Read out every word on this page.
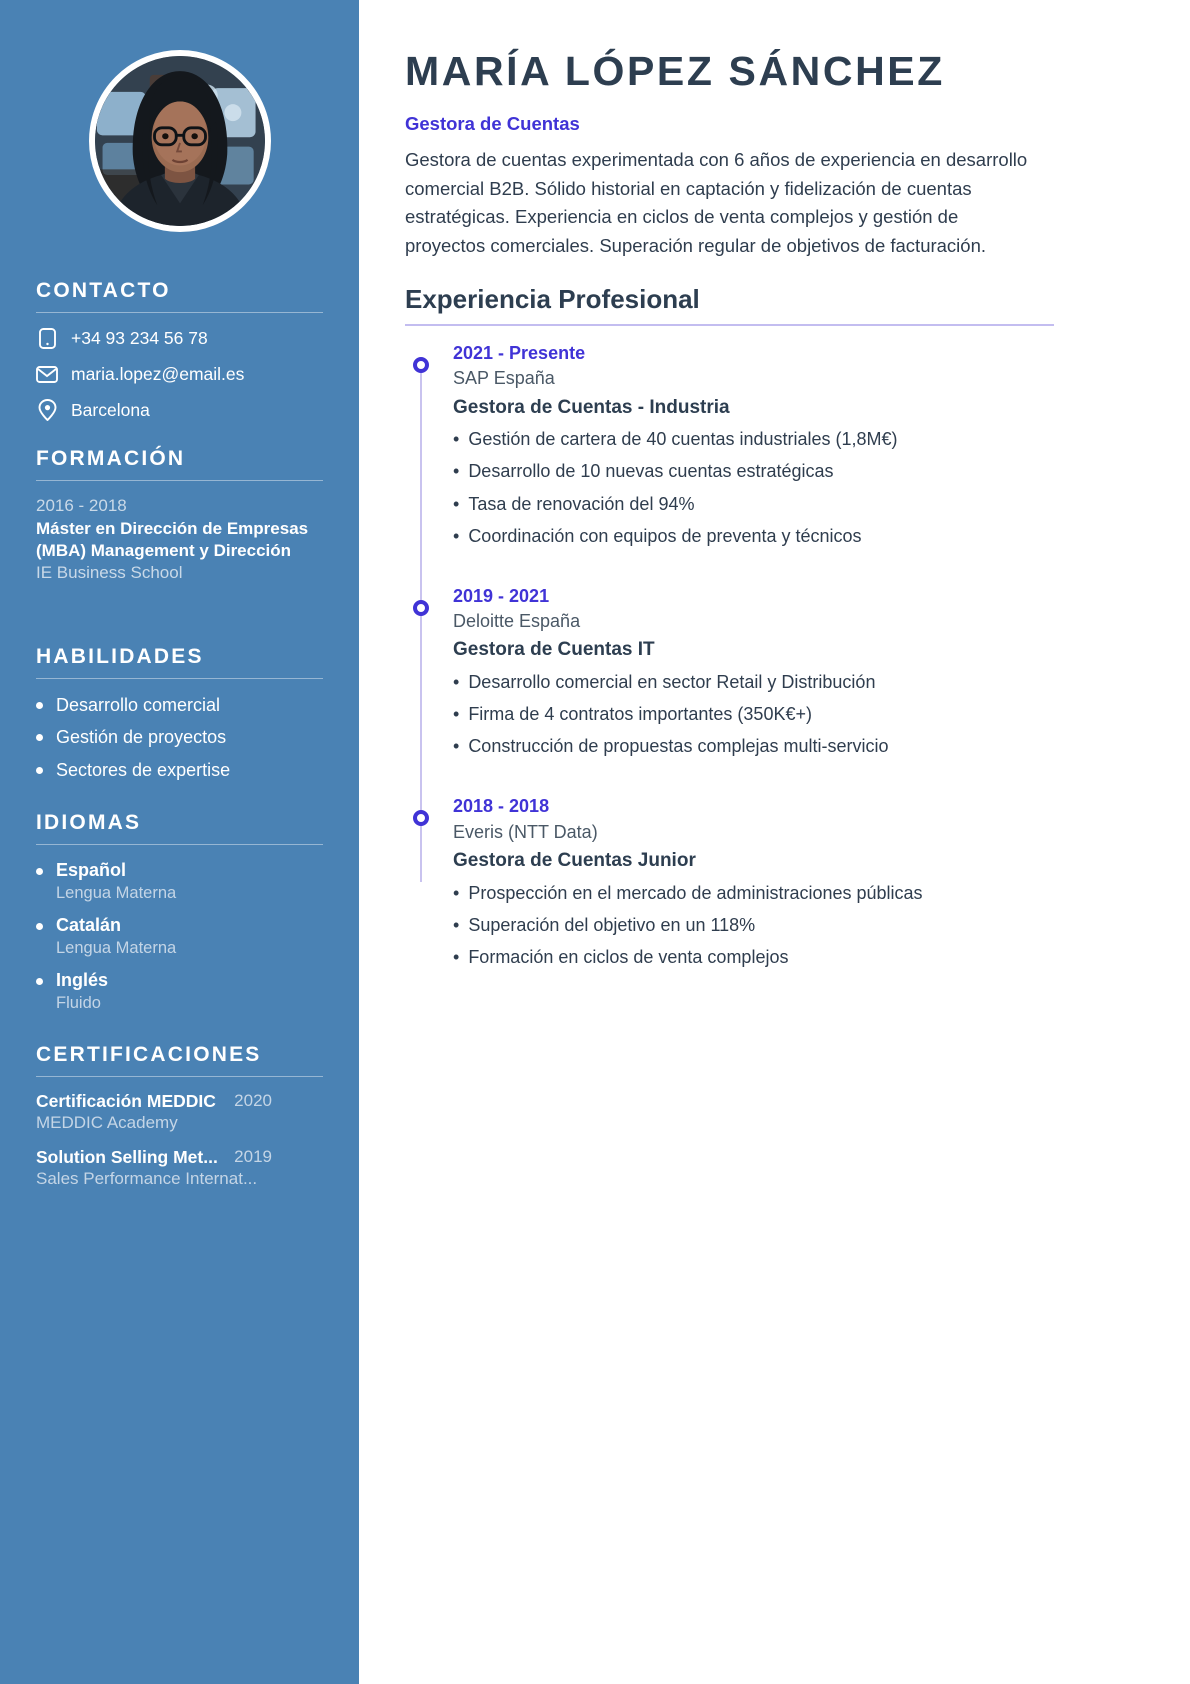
CONTACTO
+34 93 234 56 78
maria.lopez@email.es
Barcelona
FORMACIÓN
2016 - 2018
Máster en Dirección de Empresas (MBA) Management y Dirección
IE Business School
HABILIDADES
Desarrollo comercial
Gestión de proyectos
Sectores de expertise
IDIOMAS
Español
Lengua Materna
Catalán
Lengua Materna
Inglés
Fluido
CERTIFICACIONES
Certificación MEDDIC 2020
MEDDIC Academy
Solution Selling Met... 2019
Sales Performance Internat...
MARÍA LÓPEZ SÁNCHEZ
Gestora de Cuentas

Gestora de cuentas experimentada con 6 años de experiencia en desarrollo comercial B2B. Sólido historial en captación y fidelización de cuentas estratégicas. Experiencia en ciclos de venta complejos y gestión de proyectos comerciales. Superación regular de objetivos de facturación.

Experiencia Profesional
2021 - Presente
SAP España
Gestora de Cuentas - Industria
• Gestión de cartera de 40 cuentas industriales (1,8M€)
• Desarrollo de 10 nuevas cuentas estratégicas
• Tasa de renovación del 94%
• Coordinación con equipos de preventa y técnicos
2019 - 2021
Deloitte España
Gestora de Cuentas IT
• Desarrollo comercial en sector Retail y Distribución
• Firma de 4 contratos importantes (350K€+)
• Construcción de propuestas complejas multi-servicio
2018 - 2018
Everis (NTT Data)
Gestora de Cuentas Junior
• Prospección en el mercado de administraciones públicas
• Superación del objetivo en un 118%
• Formación en ciclos de venta complejos
